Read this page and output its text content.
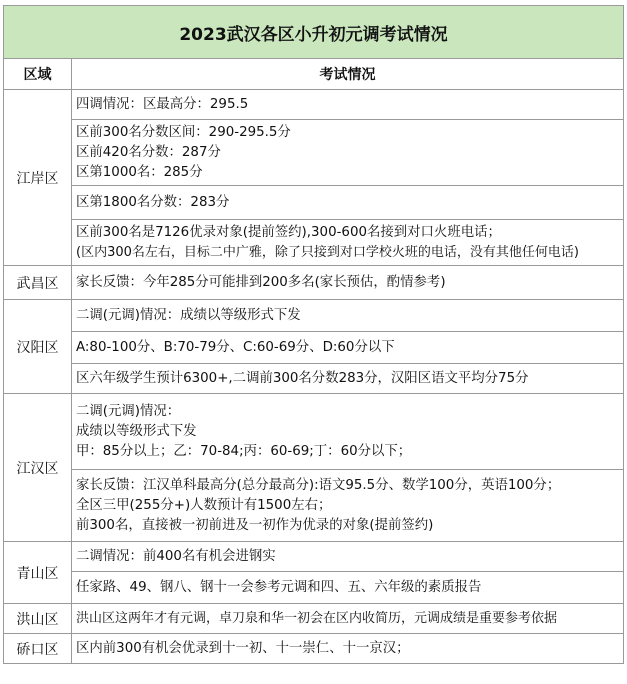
2023武汉各区小升初元调考试情况	
区域	考试情况
江岸区	四调情况：区最高分：295.5

	区前300名分数区间：290-295.5分
区前420名分数：287分
区第1000名：285分

	区第1800名分数：283分

	区前300名是7126优录对象(提前签约),300-600名接到对口火班电话；
(区内300名左右，目标二中广雅，除了只接到对口学校火班的电话，没有其他任何电话)

武昌区	家长反馈：今年285分可能排到200多名(家长预估，酌情参考)

汉阳区	二调(元调)情况：成绩以等级形式下发

	A:80-100分、B:70-79分、C:60-69分、D:60分以下

	区六年级学生预计6300+,二调前300名分数283分，汉阳区语文平均分75分

江汉区	二调(元调)情况：
成绩以等级形式下发
甲：85分以上；乙：70-84;丙：60-69;丁：60分以下；

	家长反馈：江汉单科最高分(总分最高分):语文95.5分、数学100分，英语100分；
全区三甲(255分+)人数预计有1500左右；
前300名，直接被一初前进及一初作为优录的对象(提前签约)

青山区	二调情况：前400名有机会进钢实

	任家路、49、钢八、钢十一会参考元调和四、五、六年级的素质报告

洪山区	洪山区这两年才有元调，卓刀泉和华一初会在区内收简历，元调成绩是重要参考依据

硚口区	区内前300有机会优录到十一初、十一崇仁、十一京汉；
